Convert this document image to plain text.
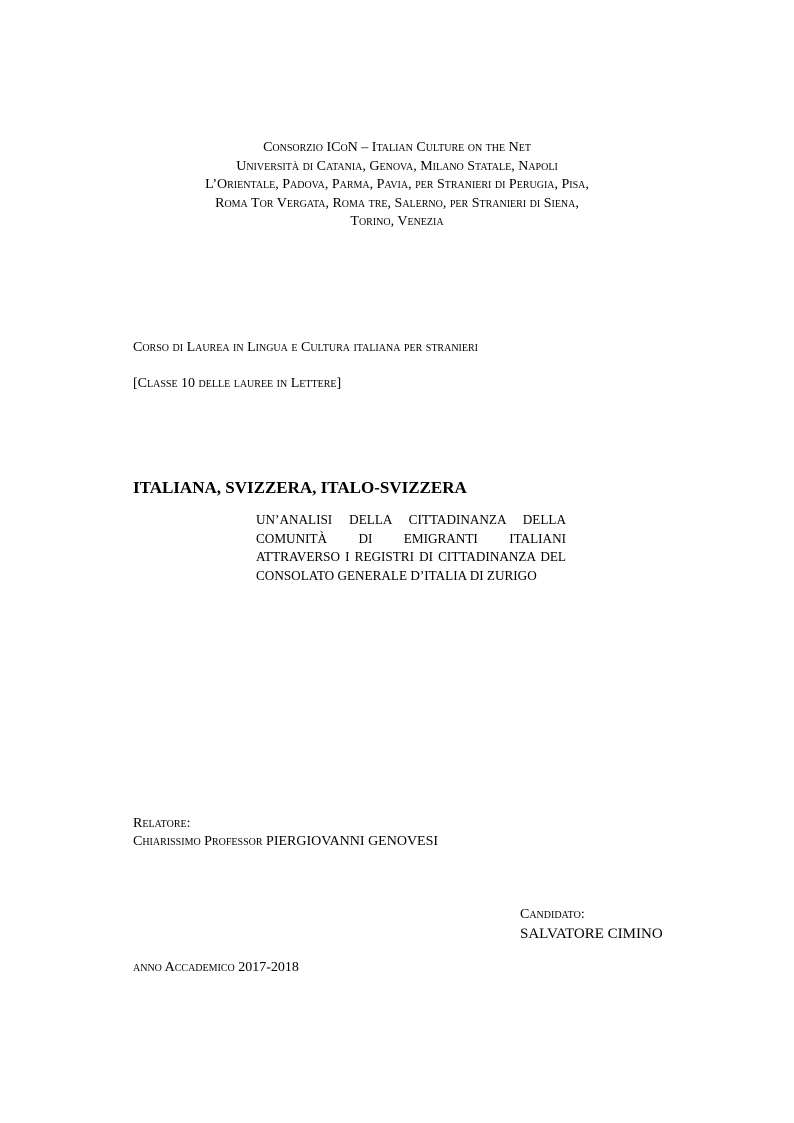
Consorzio ICoN – Italian Culture on the Net
Università di Catania, Genova, Milano Statale, Napoli
L’Orientale, Padova, Parma, Pavia, per Stranieri di Perugia, Pisa,
Roma Tor Vergata, Roma tre, Salerno, per Stranieri di Siena,
Torino, Venezia
Corso di Laurea in Lingua e Cultura italiana per stranieri
[Classe 10 delle lauree in Lettere]
ITALIANA, SVIZZERA, ITALO-SVIZZERA
UN’ANALISI DELLA CITTADINANZA DELLA COMUNITÀ DI EMIGRANTI ITALIANI ATTRAVERSO I REGISTRI DI CITTADINANZA DEL CONSOLATO GENERALE D’ITALIA DI ZURIGO
Relatore:
Chiarissimo Professor PIERGIOVANNI GENOVESI
Candidato:
SALVATORE CIMINO
anno Accademico 2017-2018
